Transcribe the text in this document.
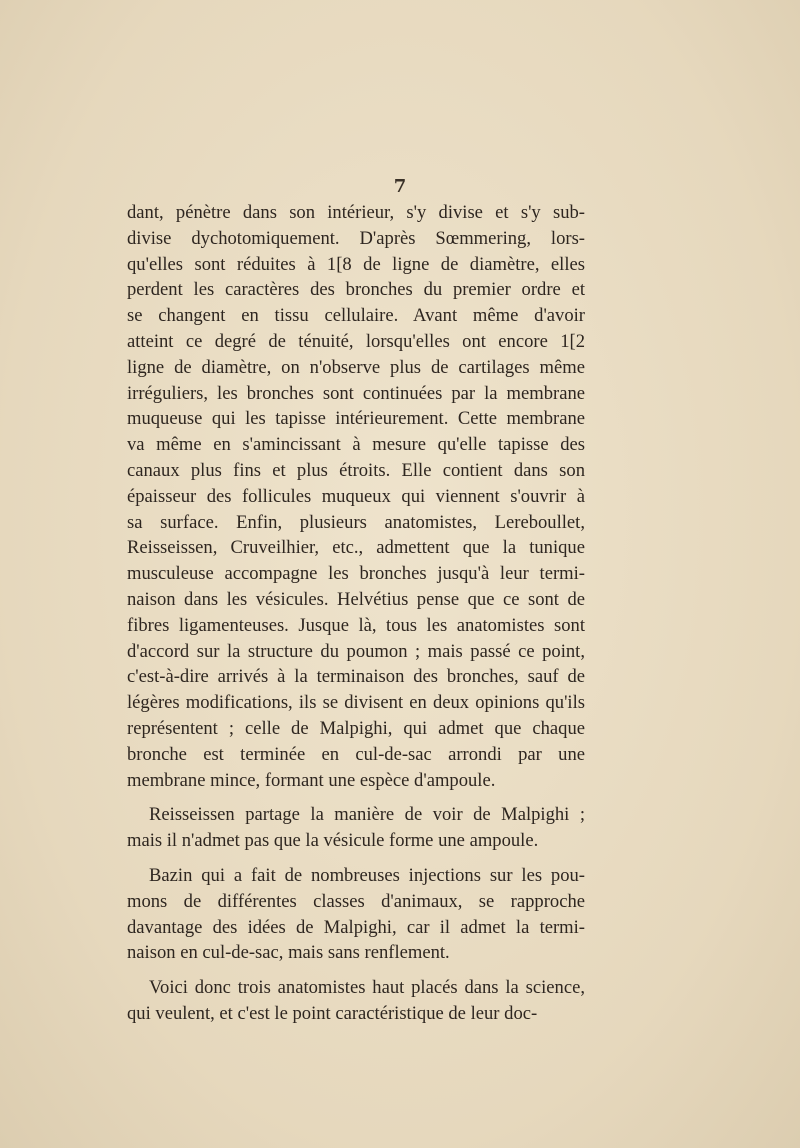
7
dant, pénètre dans son intérieur, s'y divise et s'y sub-
divise dychotomiquement. D'après Sœmmering, lors-
qu'elles sont réduites à 1[8 de ligne de diamètre, elles
perdent les caractères des bronches du premier ordre et
se changent en tissu cellulaire. Avant même d'avoir
atteint ce degré de ténuité, lorsqu'elles ont encore 1[2
ligne de diamètre, on n'observe plus de cartilages même
irréguliers, les bronches sont continuées par la membrane
muqueuse qui les tapisse intérieurement. Cette membrane
va même en s'amincissant à mesure qu'elle tapisse des
canaux plus fins et plus étroits. Elle contient dans son
épaisseur des follicules muqueux qui viennent s'ouvrir à
sa surface. Enfin, plusieurs anatomistes, Lereboullet,
Reisseissen, Cruveilhier, etc., admettent que la tunique
musculeuse accompagne les bronches jusqu'à leur termi-
naison dans les vésicules. Helvétius pense que ce sont de
fibres ligamenteuses. Jusque là, tous les anatomistes sont
d'accord sur la structure du poumon ; mais passé ce point,
c'est-à-dire arrivés à la terminaison des bronches, sauf de
légères modifications, ils se divisent en deux opinions qu'ils
représentent ; celle de Malpighi, qui admet que chaque
bronche est terminée en cul-de-sac arrondi par une
membrane mince, formant une espèce d'ampoule.
Reisseissen partage la manière de voir de Malpighi ;
mais il n'admet pas que la vésicule forme une ampoule.
Bazin qui a fait de nombreuses injections sur les pou-
mons de différentes classes d'animaux, se rapproche
davantage des idées de Malpighi, car il admet la termi-
naison en cul-de-sac, mais sans renflement.
Voici donc trois anatomistes haut placés dans la science,
qui veulent, et c'est le point caractéristique de leur doc-
